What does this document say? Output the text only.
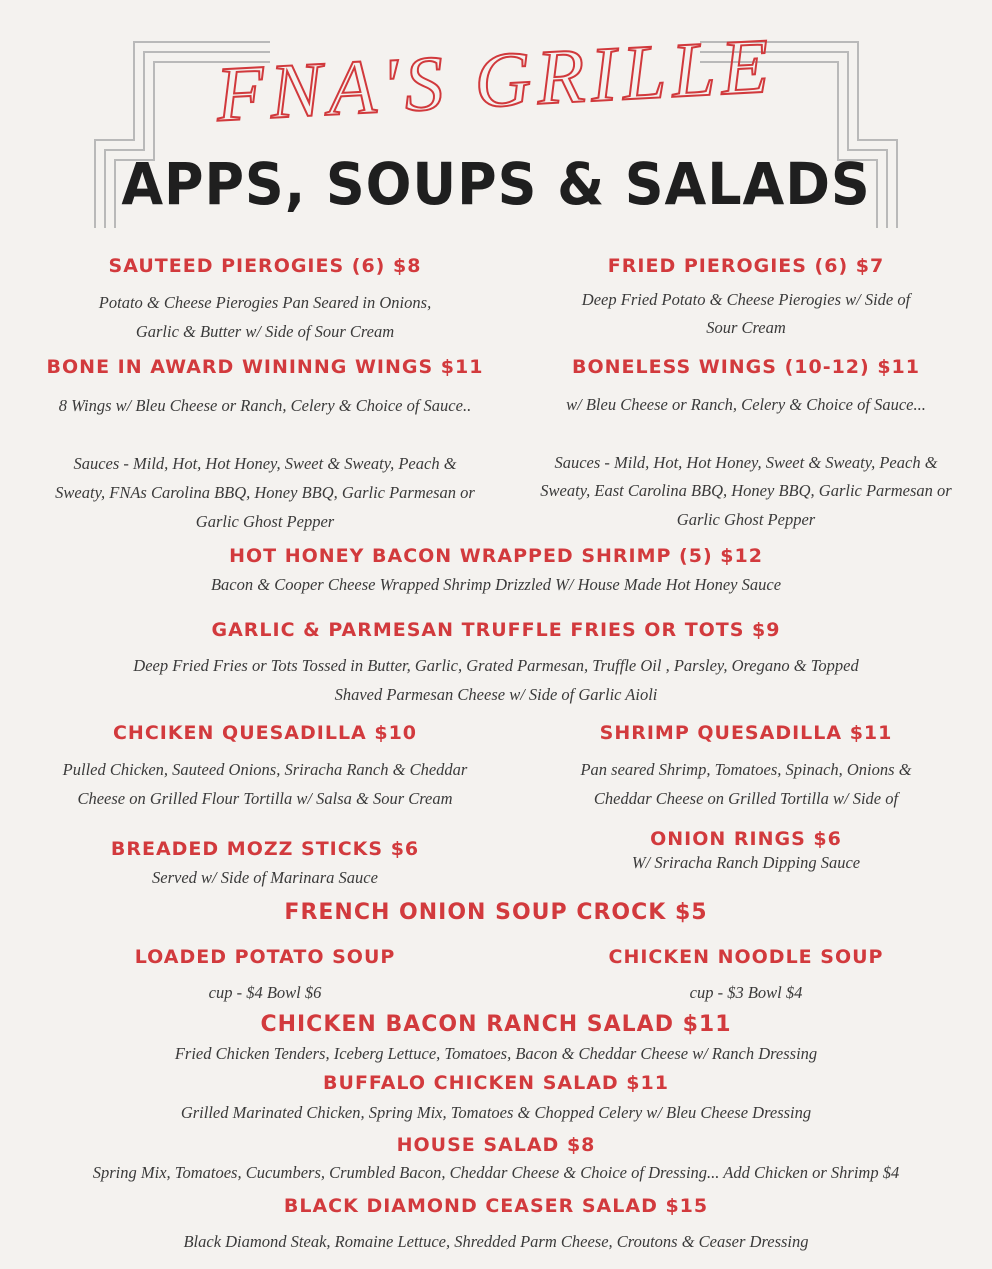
FNA'S GRILLE
APPS, SOUPS & SALADS
SAUTEED PIEROGIES (6) $8
Potato & Cheese Pierogies Pan Seared in Onions,
Garlic & Butter w/ Side of Sour Cream
FRIED PIEROGIES (6) $7
Deep Fried Potato & Cheese Pierogies w/ Side of
Sour Cream
BONE IN AWARD WININNG WINGS $11
8 Wings w/ Bleu Cheese or Ranch, Celery & Choice of Sauce..
Sauces - Mild, Hot, Hot Honey, Sweet & Sweaty, Peach &
Sweaty, FNAs Carolina BBQ, Honey BBQ, Garlic Parmesan or
Garlic Ghost Pepper
BONELESS WINGS (10-12) $11
w/ Bleu Cheese or Ranch, Celery & Choice of Sauce...
Sauces - Mild, Hot, Hot Honey, Sweet & Sweaty, Peach &
Sweaty, East Carolina BBQ, Honey BBQ, Garlic Parmesan or
Garlic Ghost Pepper
HOT HONEY BACON WRAPPED SHRIMP (5) $12
Bacon & Cooper Cheese Wrapped Shrimp Drizzled W/ House Made Hot Honey Sauce
GARLIC & PARMESAN TRUFFLE FRIES OR TOTS $9
Deep Fried Fries or Tots Tossed in Butter, Garlic, Grated Parmesan, Truffle Oil , Parsley, Oregano & Topped
Shaved Parmesan Cheese w/ Side of Garlic Aioli
CHCIKEN QUESADILLA $10
Pulled Chicken, Sauteed Onions, Sriracha Ranch & Cheddar
Cheese on Grilled Flour Tortilla w/ Salsa & Sour Cream
SHRIMP QUESADILLA $11
Pan seared Shrimp, Tomatoes, Spinach, Onions &
Cheddar Cheese on Grilled Tortilla w/ Side of
BREADED MOZZ STICKS $6
Served w/ Side of Marinara Sauce
ONION RINGS $6
W/ Sriracha Ranch Dipping Sauce
FRENCH ONION SOUP CROCK $5
LOADED POTATO SOUP
cup - $4 Bowl $6
CHICKEN NOODLE SOUP
cup - $3 Bowl $4
CHICKEN BACON RANCH SALAD $11
Fried Chicken Tenders, Iceberg Lettuce, Tomatoes, Bacon & Cheddar Cheese w/ Ranch Dressing
BUFFALO CHICKEN SALAD $11
Grilled Marinated Chicken, Spring Mix, Tomatoes & Chopped Celery w/ Bleu Cheese Dressing
HOUSE SALAD $8
Spring Mix, Tomatoes, Cucumbers, Crumbled Bacon, Cheddar Cheese & Choice of Dressing... Add Chicken or Shrimp $4
BLACK DIAMOND CEASER SALAD $15
Black Diamond Steak, Romaine Lettuce, Shredded Parm Cheese, Croutons & Ceaser Dressing
